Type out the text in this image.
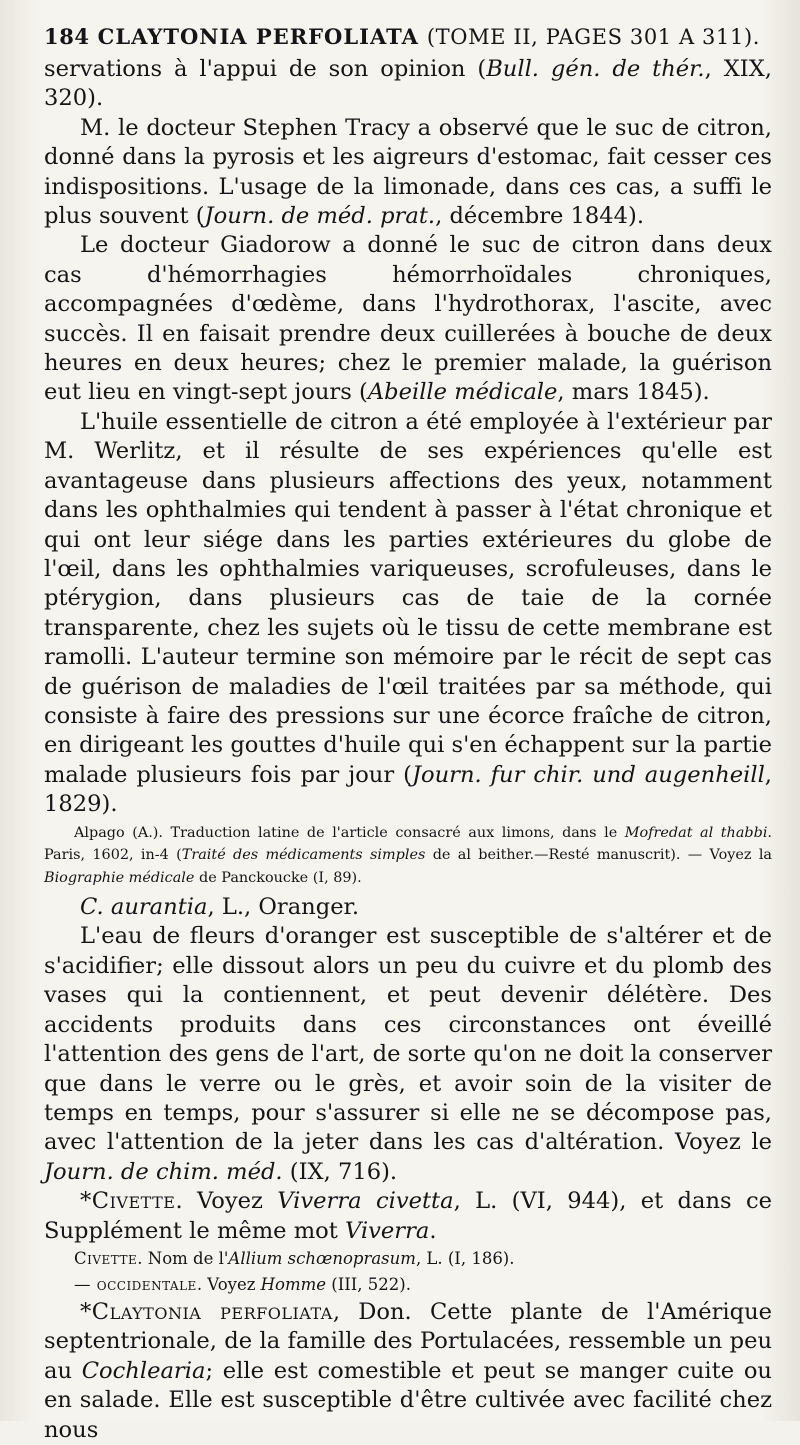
184 CLAYTONIA PERFOLIATA (TOME II, PAGES 301 A 311).

servations à l'appui de son opinion (Bull. gén. de thér., XIX, 320).

M. le docteur Stephen Tracy a observé que le suc de citron, donné dans la pyrosis et les aigreurs d'estomac, fait cesser ces indispositions. L'usage de la limonade, dans ces cas, a suffi le plus souvent (Journ. de méd. prat., décembre 1844).

Le docteur Giadorow a donné le suc de citron dans deux cas d'hémorrhagies hémorrhoïdales chroniques, accompagnées d'œdème, dans l'hydrothorax, l'ascite, avec succès. Il en faisait prendre deux cuillerées à bouche de deux heures en deux heures; chez le premier malade, la guérison eut lieu en vingt-sept jours (Abeille médicale, mars 1845).

L'huile essentielle de citron a été employée à l'extérieur par M. Werlitz, et il résulte de ses expériences qu'elle est avantageuse dans plusieurs affections des yeux, notamment dans les ophthalmies qui tendent à passer à l'état chronique et qui ont leur siége dans les parties extérieures du globe de l'œil, dans les ophthalmies variqueuses, scrofuleuses, dans le ptérygion, dans plusieurs cas de taie de la cornée transparente, chez les sujets où le tissu de cette membrane est ramolli. L'auteur termine son mémoire par le récit de sept cas de guérison de maladies de l'œil traitées par sa méthode, qui consiste à faire des pressions sur une écorce fraîche de citron, en dirigeant les gouttes d'huile qui s'en échappent sur la partie malade plusieurs fois par jour (Journ. fur chir. und augenheill, 1829).

Alpago (A.). Traduction latine de l'article consacré aux limons, dans le Mofredat al thabbi. Paris, 1602, in-4 (Traité des médicaments simples de al beither.—Resté manuscrit). — Voyez la Biographie médicale de Panckoucke (I, 89).

C. aurantia, L., Oranger.

L'eau de fleurs d'oranger est susceptible de s'altérer et de s'acidifier; elle dissout alors un peu du cuivre et du plomb des vases qui la contiennent, et peut devenir délétère. Des accidents produits dans ces circonstances ont éveillé l'attention des gens de l'art, de sorte qu'on ne doit la conserver que dans le verre ou le grès, et avoir soin de la visiter de temps en temps, pour s'assurer si elle ne se décompose pas, avec l'attention de la jeter dans les cas d'altération. Voyez le Journ. de chim. méd. (IX, 716).

*Civette. Voyez Viverra civetta, L. (VI, 944), et dans ce Supplément le même mot Viverra.

Civette. Nom de l'Allium schœnoprasum, L. (I, 186).

— occidentale. Voyez Homme (III, 522).

*Claytonia perfoliata, Don. Cette plante de l'Amérique septentrionale, de la famille des Portulacées, ressemble un peu au Cochlearia; elle est comestible et peut se manger cuite ou en salade. Elle est susceptible d'être cultivée avec facilité chez nous
